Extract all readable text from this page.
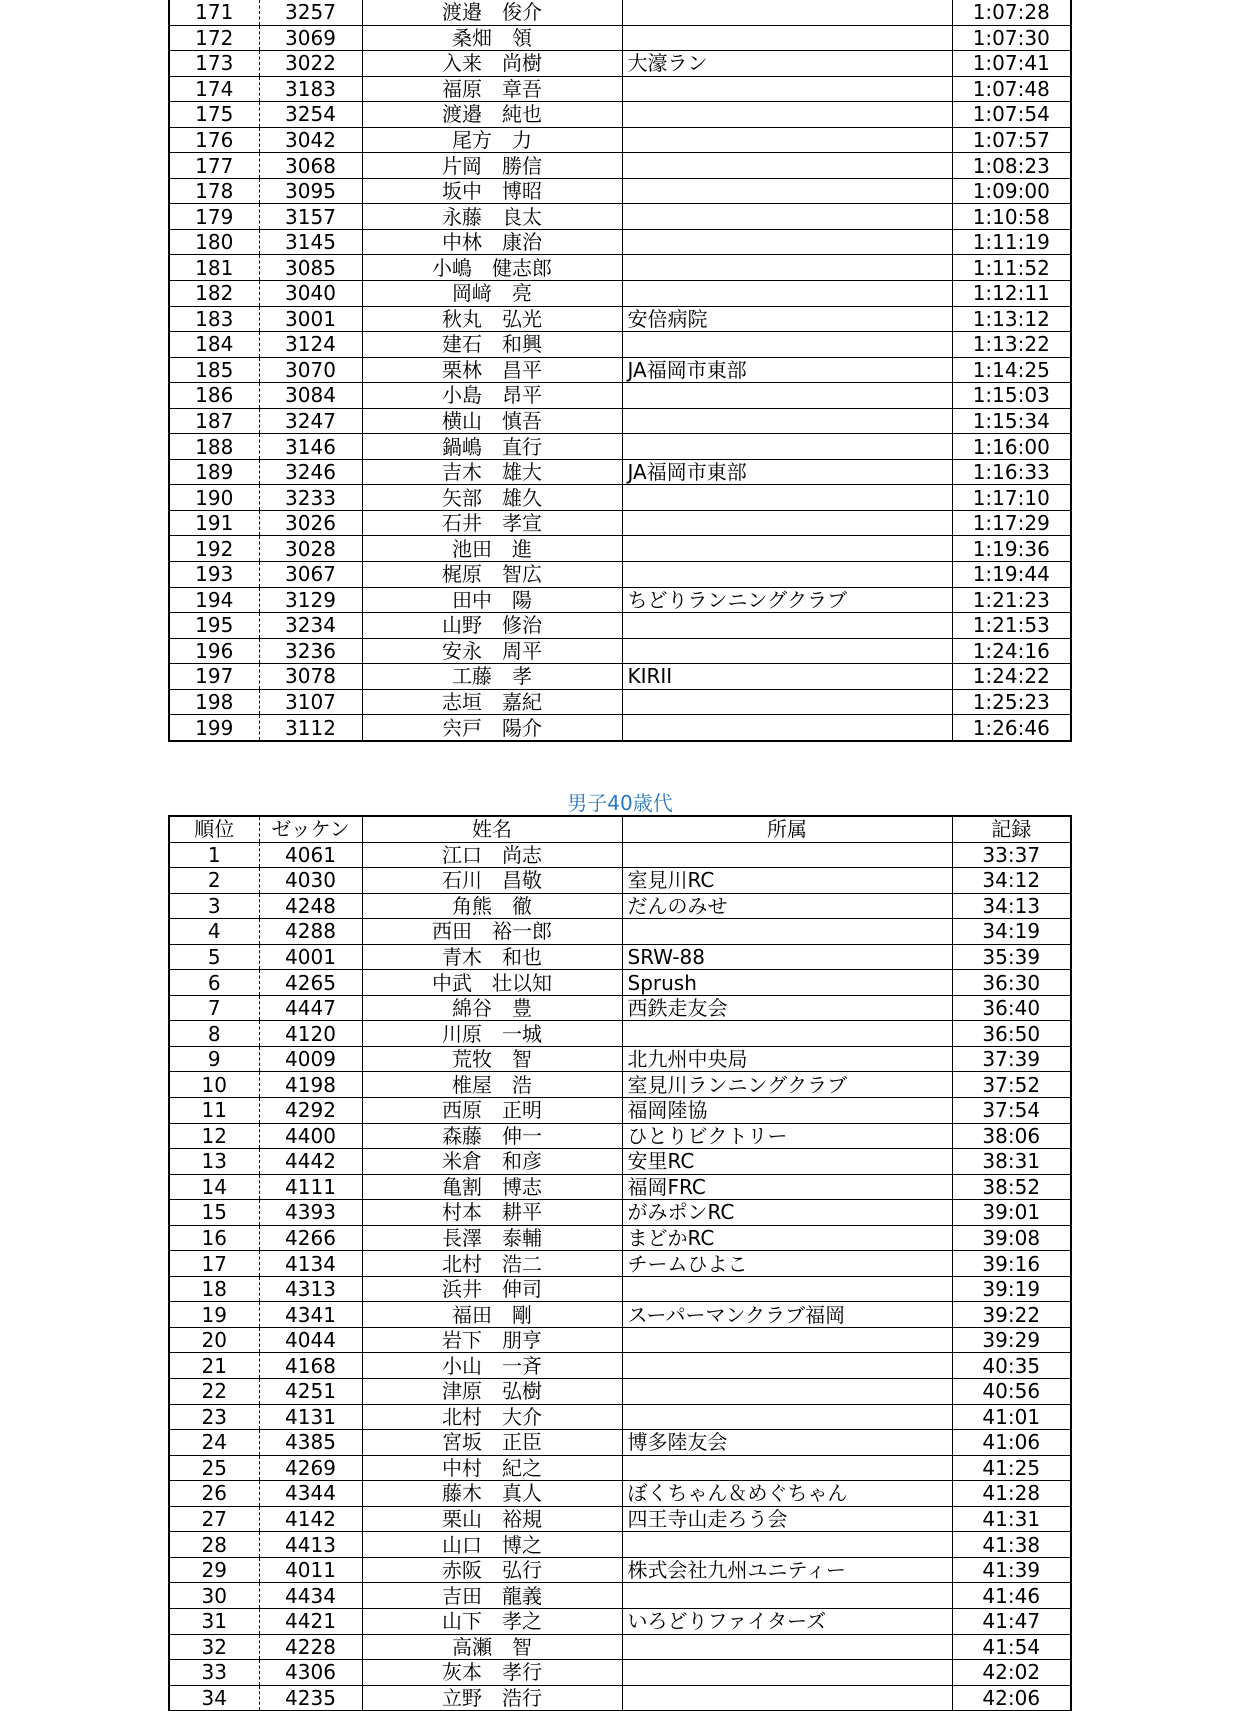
171	3257	渡邉　俊介		1:07:28
172	3069	桑畑　領		1:07:30
173	3022	入来　尚樹	大濠ラン	1:07:41
174	3183	福原　章吾		1:07:48
175	3254	渡邉　純也		1:07:54
176	3042	尾方　力		1:07:57
177	3068	片岡　勝信		1:08:23
178	3095	坂中　博昭		1:09:00
179	3157	永藤　良太		1:10:58
180	3145	中林　康治		1:11:19
181	3085	小嶋　健志郎		1:11:52
182	3040	岡﨑　亮		1:12:11
183	3001	秋丸　弘光	安倍病院	1:13:12
184	3124	建石　和興		1:13:22
185	3070	栗林　昌平	JA福岡市東部	1:14:25
186	3084	小島　昂平		1:15:03
187	3247	横山　慎吾		1:15:34
188	3146	鍋嶋　直行		1:16:00
189	3246	吉木　雄大	JA福岡市東部	1:16:33
190	3233	矢部　雄久		1:17:10
191	3026	石井　孝宣		1:17:29
192	3028	池田　進		1:19:36
193	3067	梶原　智広		1:19:44
194	3129	田中　陽	ちどりランニングクラブ	1:21:23
195	3234	山野　修治		1:21:53
196	3236	安永　周平		1:24:16
197	3078	工藤　孝	KIRII	1:24:22
198	3107	志垣　嘉紀		1:25:23
199	3112	宍戸　陽介		1:26:46
男子40歳代
順位	ゼッケン	姓名	所属	記録
1	4061	江口　尚志		33:37
2	4030	石川　昌敬	室見川RC	34:12
3	4248	角熊　徹	だんのみせ	34:13
4	4288	西田　裕一郎		34:19
5	4001	青木　和也	SRW-88	35:39
6	4265	中武　壮以知	Sprush	36:30
7	4447	綿谷　豊	西鉄走友会	36:40
8	4120	川原　一城		36:50
9	4009	荒牧　智	北九州中央局	37:39
10	4198	椎屋　浩	室見川ランニングクラブ	37:52
11	4292	西原　正明	福岡陸協	37:54
12	4400	森藤　伸一	ひとりビクトリー	38:06
13	4442	米倉　和彦	安里RC	38:31
14	4111	亀割　博志	福岡FRC	38:52
15	4393	村本　耕平	がみポンRC	39:01
16	4266	長澤　泰輔	まどかRC	39:08
17	4134	北村　浩二	チームひよこ	39:16
18	4313	浜井　伸司		39:19
19	4341	福田　剛	スーパーマンクラブ福岡	39:22
20	4044	岩下　朋亨		39:29
21	4168	小山　一斉		40:35
22	4251	津原　弘樹		40:56
23	4131	北村　大介		41:01
24	4385	宮坂　正臣	博多陸友会	41:06
25	4269	中村　紀之		41:25
26	4344	藤木　真人	ぼくちゃん＆めぐちゃん	41:28
27	4142	栗山　裕規	四王寺山走ろう会	41:31
28	4413	山口　博之		41:38
29	4011	赤阪　弘行	株式会社九州ユニティー	41:39
30	4434	吉田　龍義		41:46
31	4421	山下　孝之	いろどりファイターズ	41:47
32	4228	高瀬　智		41:54
33	4306	灰本　孝行		42:02
34	4235	立野　浩行		42:06
